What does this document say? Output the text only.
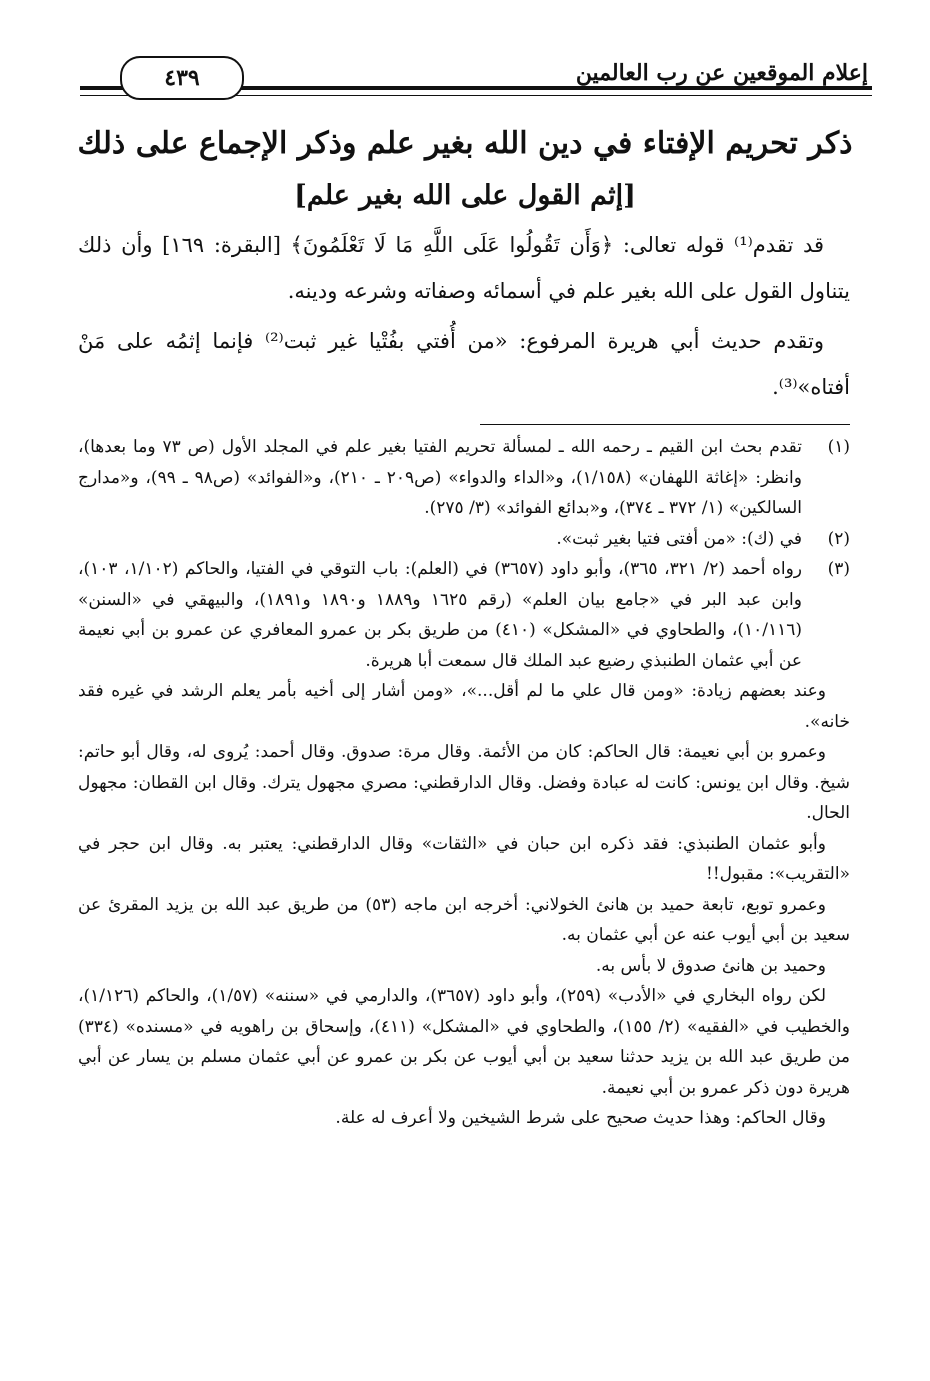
إعلام الموقعين عن رب العالمين
٤٣٩
ذكر تحريم الإفتاء في دين الله بغير علم وذكر الإجماع على ذلك
[إثم القول على الله بغير علم]

قد تقدم⁽¹⁾ قوله تعالى: ﴿وَأَن تَقُولُوا عَلَى اللَّهِ مَا لَا تَعْلَمُونَ﴾ [البقرة: ١٦٩] وأن ذلك يتناول القول على الله بغير علم في أسمائه وصفاته وشرعه ودينه.

وتقدم حديث أبي هريرة المرفوع: «من أُفتي بفُتْيا غير ثبت⁽²⁾ فإنما إثمُه على مَنْ أفتاه»⁽³⁾.

(١)
تقدم بحث ابن القيم ـ رحمه الله ـ لمسألة تحريم الفتيا بغير علم في المجلد الأول (ص ٧٣ وما بعدها)، وانظر: «إغاثة اللهفان» (١/١٥٨)، و«الداء والدواء» (ص٢٠٩ ـ ٢١٠)، و«الفوائد» (ص٩٨ ـ ٩٩)، و«مدارج السالكين» (١/ ٣٧٢ ـ ٣٧٤)، و«بدائع الفوائد» (٣/ ٢٧٥).
(٢)
في (ك): «من أفتى فتيا بغير ثبت».
(٣)
رواه أحمد (٢/ ٣٢١، ٣٦٥)، وأبو داود (٣٦٥٧) في (العلم): باب التوقي في الفتيا، والحاكم (١/١٠٢، ١٠٣)، وابن عبد البر في «جامع بيان العلم» (رقم ١٦٢٥ و١٨٨٩ و١٨٩٠ و١٨٩١)، والبيهقي في «السنن» (١٠/١١٦)، والطحاوي في «المشكل» (٤١٠) من طريق بكر بن عمرو المعافري عن عمرو بن أبي نعيمة عن أبي عثمان الطنبذي رضيع عبد الملك قال سمعت أبا هريرة.

وعند بعضهم زيادة: «ومن قال علي ما لم أقل...»، «ومن أشار إلى أخيه بأمر يعلم الرشد في غيره فقد خانه».

وعمرو بن أبي نعيمة: قال الحاكم: كان من الأئمة. وقال مرة: صدوق. وقال أحمد: يُروى له، وقال أبو حاتم: شيخ. وقال ابن يونس: كانت له عبادة وفضل. وقال الدارقطني: مصري مجهول يترك. وقال ابن القطان: مجهول الحال.

وأبو عثمان الطنبذي: فقد ذكره ابن حبان في «الثقات» وقال الدارقطني: يعتبر به. وقال ابن حجر في «التقريب»: مقبول!!

وعمرو توبع، تابعة حميد بن هانئ الخولاني: أخرجه ابن ماجه (٥٣) من طريق عبد الله بن يزيد المقرئ عن سعيد بن أبي أيوب عنه عن أبي عثمان به.

وحميد بن هانئ صدوق لا بأس به.

لكن رواه البخاري في «الأدب» (٢٥٩)، وأبو داود (٣٦٥٧)، والدارمي في «سننه» (١/٥٧)، والحاكم (١/١٢٦)، والخطيب في «الفقيه» (٢/ ١٥٥)، والطحاوي في «المشكل» (٤١١)، وإسحاق بن راهويه في «مسنده» (٣٣٤) من طريق عبد الله بن يزيد حدثنا سعيد بن أبي أيوب عن بكر بن عمرو عن أبي عثمان مسلم بن يسار عن أبي هريرة دون ذكر عمرو بن أبي نعيمة.

وقال الحاكم: وهذا حديث صحيح على شرط الشيخين ولا أعرف له علة.
